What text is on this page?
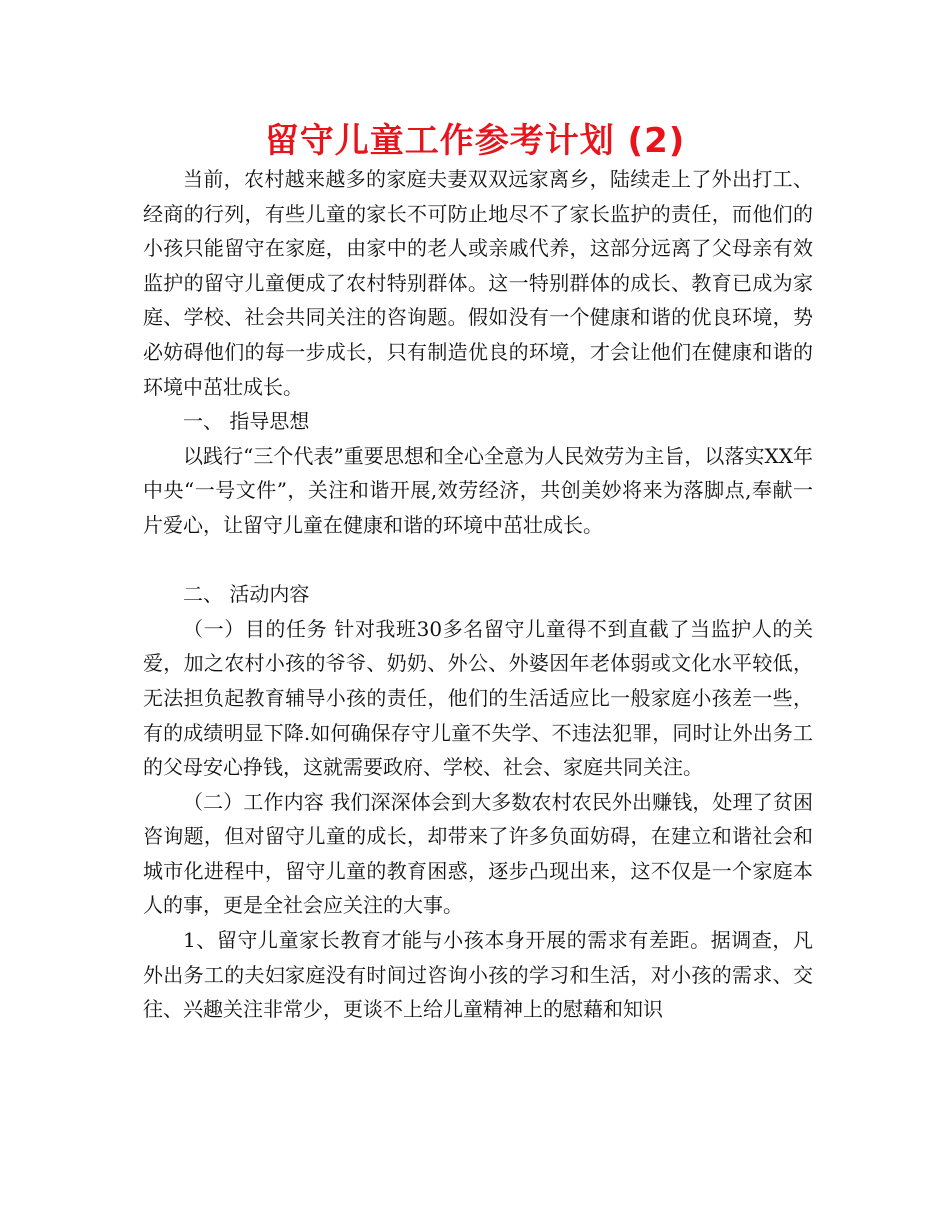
留守儿童工作参考计划 (2)

当前，农村越来越多的家庭夫妻双双远家离乡，陆续走上了外出打工、经商的行列，有些儿童的家长不可防止地尽不了家长监护的责任，而他们的小孩只能留守在家庭，由家中的老人或亲戚代养，这部分远离了父母亲有效监护的留守儿童便成了农村特别群体。这一特别群体的成长、教育已成为家庭、学校、社会共同关注的咨询题。假如没有一个健康和谐的优良环境，势必妨碍他们的每一步成长，只有制造优良的环境，才会让他们在健康和谐的环境中茁壮成长。

一、 指导思想

以践行“三个代表”重要思想和全心全意为人民效劳为主旨，以落实XX年中央“一号文件”，关注和谐开展,效劳经济，共创美妙将来为落脚点,奉献一片爱心，让留守儿童在健康和谐的环境中茁壮成长。

二、 活动内容

（一）目的任务 针对我班30多名留守儿童得不到直截了当监护人的关爱，加之农村小孩的爷爷、奶奶、外公、外婆因年老体弱或文化水平较低，无法担负起教育辅导小孩的责任，他们的生活适应比一般家庭小孩差一些，有的成绩明显下降.如何确保存守儿童不失学、不违法犯罪，同时让外出务工的父母安心挣钱，这就需要政府、学校、社会、家庭共同关注。

（二）工作内容 我们深深体会到大多数农村农民外出赚钱，处理了贫困咨询题，但对留守儿童的成长，却带来了许多负面妨碍，在建立和谐社会和城市化进程中，留守儿童的教育困惑，逐步凸现出来，这不仅是一个家庭本人的事，更是全社会应关注的大事。

1、留守儿童家长教育才能与小孩本身开展的需求有差距。据调查，凡外出务工的夫妇家庭没有时间过咨询小孩的学习和生活，对小孩的需求、交往、兴趣关注非常少，更谈不上给儿童精神上的慰藉和知识
